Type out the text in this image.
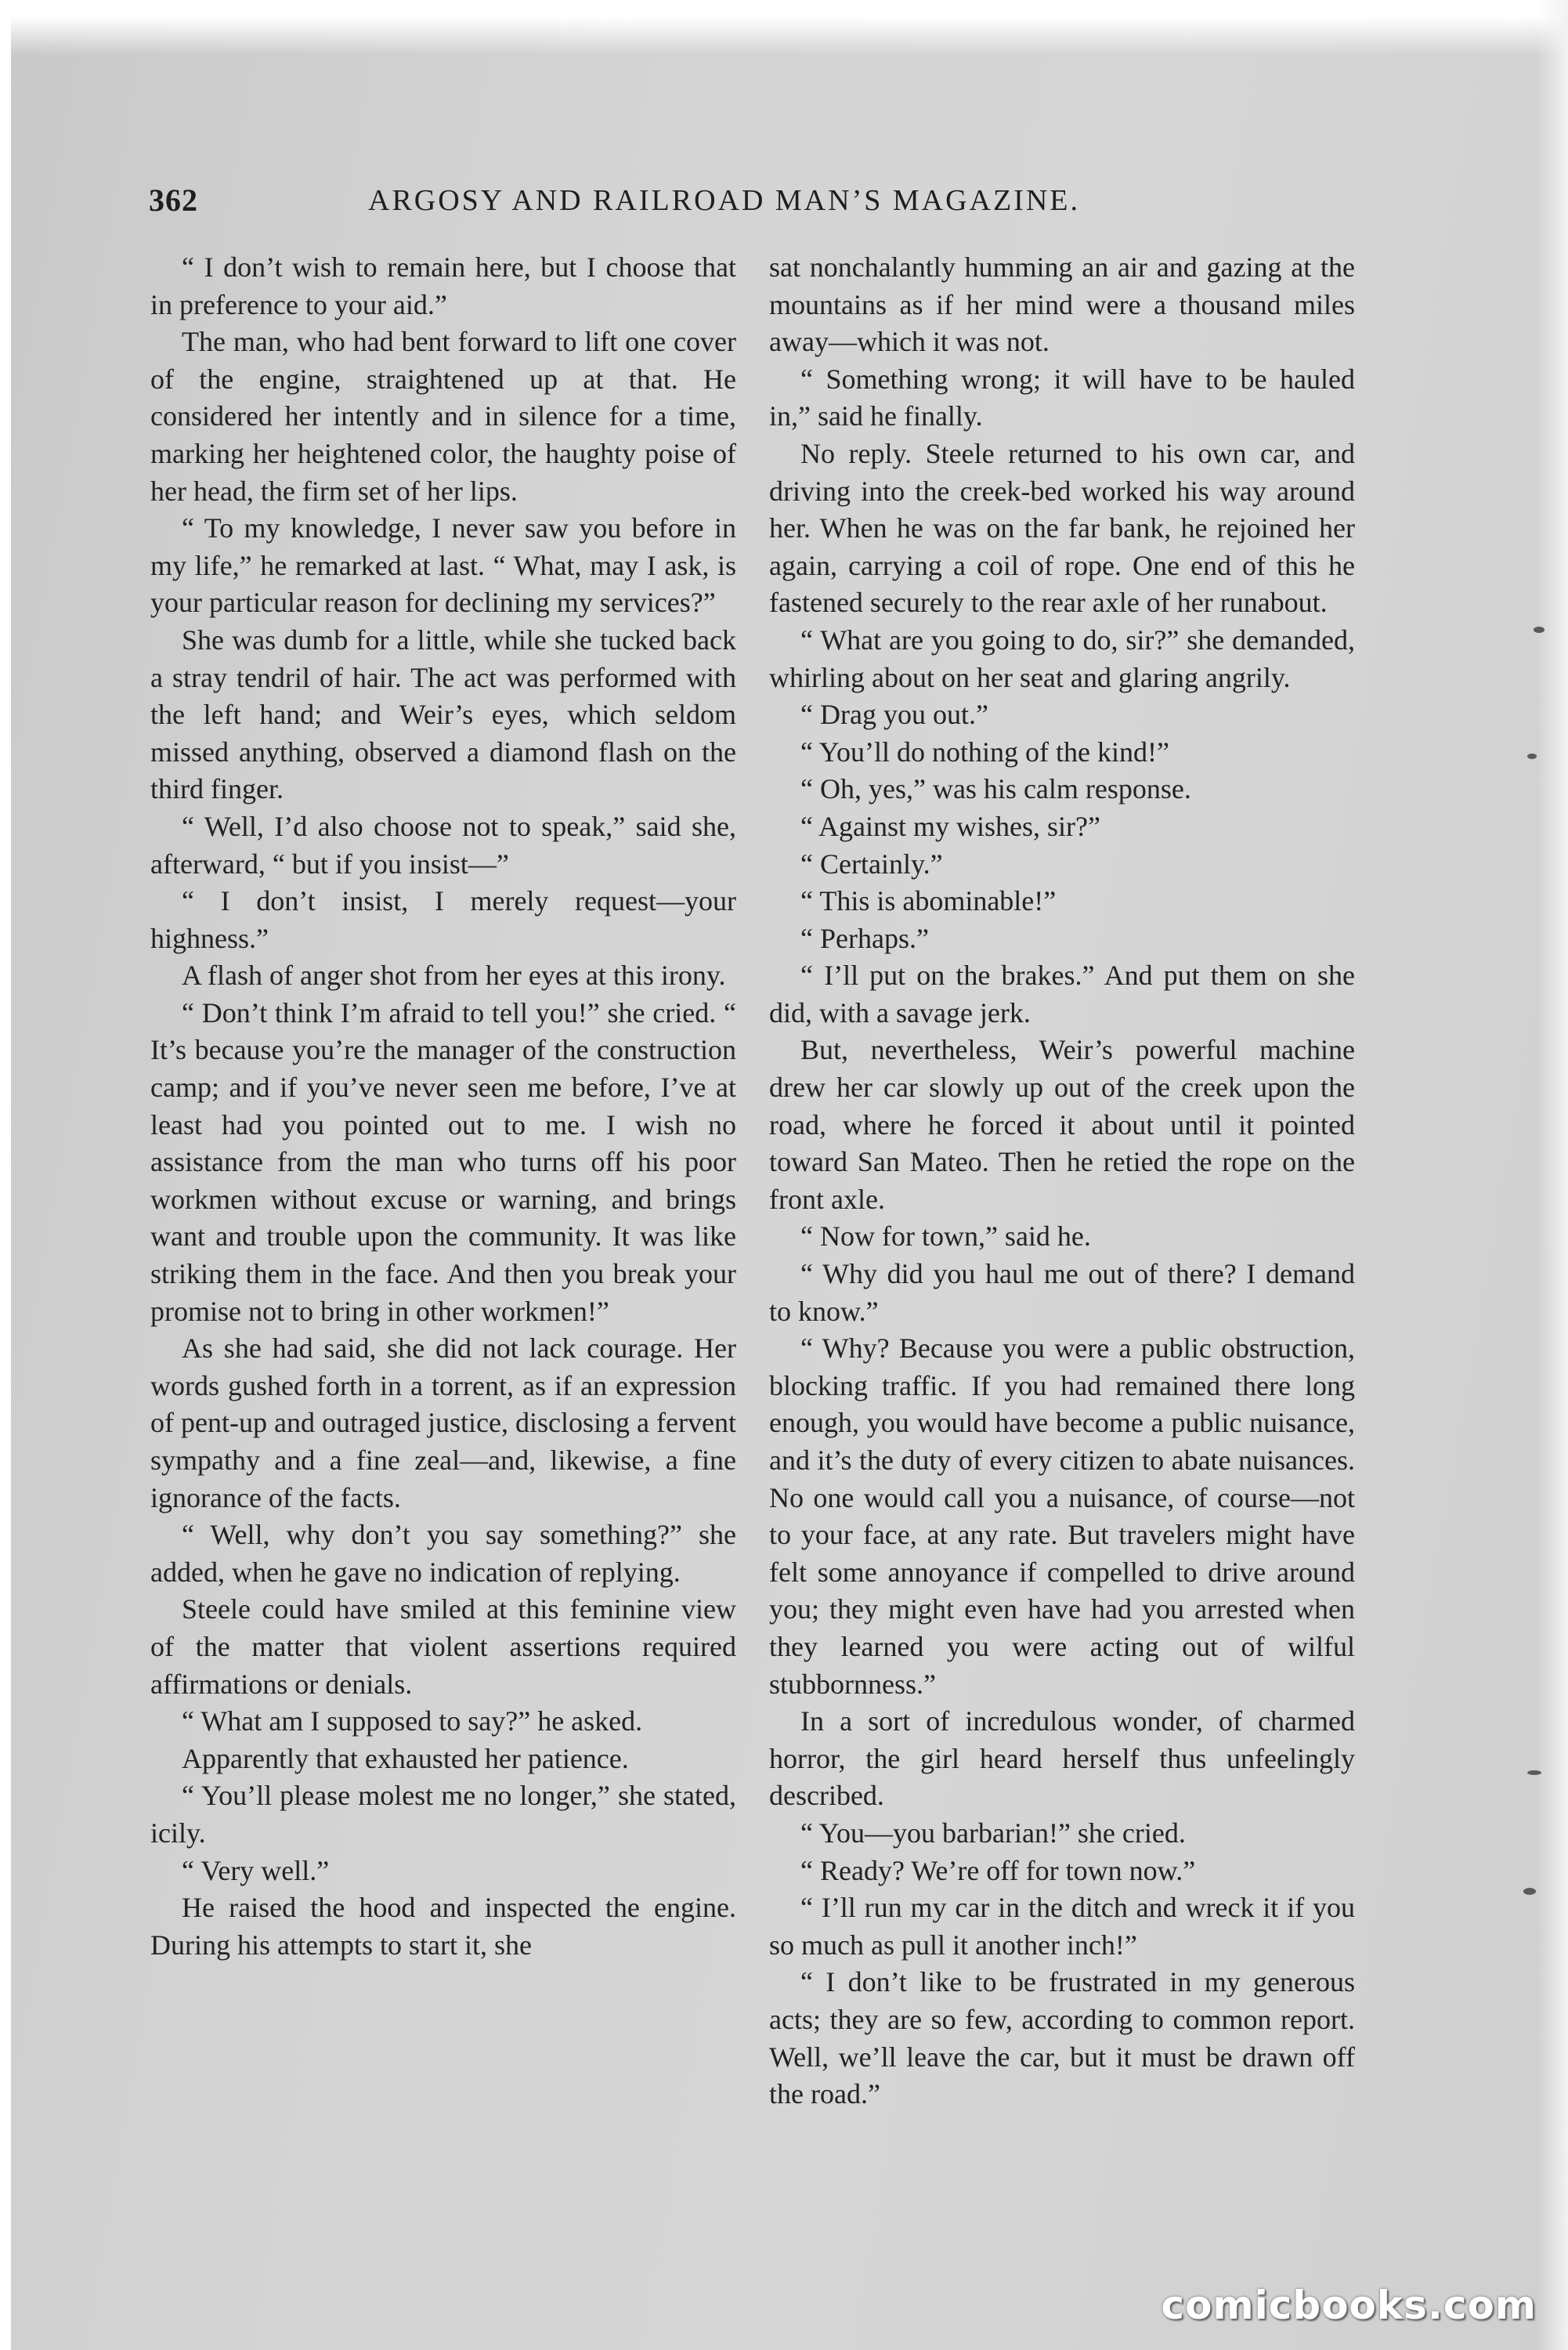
362	ARGOSY AND RAILROAD MAN’S MAGAZINE.

“ I don’t wish to remain here, but I choose that in preference to your aid.”

The man, who had bent forward to lift one cover of the engine, straightened up at that. He considered her intently and in silence for a time, marking her heightened color, the haughty poise of her head, the firm set of her lips.

“ To my knowledge, I never saw you before in my life,” he remarked at last. “ What, may I ask, is your particular reason for declining my services?”

She was dumb for a little, while she tucked back a stray tendril of hair. The act was performed with the left hand; and Weir’s eyes, which seldom missed anything, observed a diamond flash on the third finger.

“ Well, I’d also choose not to speak,” said she, afterward, “ but if you insist—”

“ I don’t insist, I merely request—your highness.”

A flash of anger shot from her eyes at this irony.

“ Don’t think I’m afraid to tell you!” she cried. “ It’s because you’re the manager of the construction camp; and if you’ve never seen me before, I’ve at least had you pointed out to me. I wish no assistance from the man who turns off his poor workmen without excuse or warning, and brings want and trouble upon the community. It was like striking them in the face. And then you break your promise not to bring in other workmen!”

As she had said, she did not lack courage. Her words gushed forth in a torrent, as if an expression of pent-up and outraged justice, disclosing a fervent sympathy and a fine zeal—and, likewise, a fine ignorance of the facts.

“ Well, why don’t you say something?” she added, when he gave no indication of replying.

Steele could have smiled at this feminine view of the matter that violent assertions required affirmations or denials.

“ What am I supposed to say?” he asked.

Apparently that exhausted her patience.

“ You’ll please molest me no longer,” she stated, icily.

“ Very well.”

He raised the hood and inspected the engine. During his attempts to start it, she

sat nonchalantly humming an air and gazing at the mountains as if her mind were a thousand miles away—which it was not.

“ Something wrong; it will have to be hauled in,” said he finally.

No reply. Steele returned to his own car, and driving into the creek-bed worked his way around her. When he was on the far bank, he rejoined her again, carrying a coil of rope. One end of this he fastened securely to the rear axle of her runabout.

“ What are you going to do, sir?” she demanded, whirling about on her seat and glaring angrily.

“ Drag you out.”

“ You’ll do nothing of the kind!”

“ Oh, yes,” was his calm response.

“ Against my wishes, sir?”

“ Certainly.”

“ This is abominable!”

“ Perhaps.”

“ I’ll put on the brakes.” And put them on she did, with a savage jerk.

But, nevertheless, Weir’s powerful machine drew her car slowly up out of the creek upon the road, where he forced it about until it pointed toward San Mateo. Then he retied the rope on the front axle.

“ Now for town,” said he.

“ Why did you haul me out of there? I demand to know.”

“ Why? Because you were a public obstruction, blocking traffic. If you had remained there long enough, you would have become a public nuisance, and it’s the duty of every citizen to abate nuisances. No one would call you a nuisance, of course—not to your face, at any rate. But travelers might have felt some annoyance if compelled to drive around you; they might even have had you arrested when they learned you were acting out of wilful stubbornness.”

In a sort of incredulous wonder, of charmed horror, the girl heard herself thus unfeelingly described.

“ You—you barbarian!” she cried.

“ Ready? We’re off for town now.”

“ I’ll run my car in the ditch and wreck it if you so much as pull it another inch!”

“ I don’t like to be frustrated in my generous acts; they are so few, according to common report. Well, we’ll leave the car, but it must be drawn off the road.”

comicbooks.com
